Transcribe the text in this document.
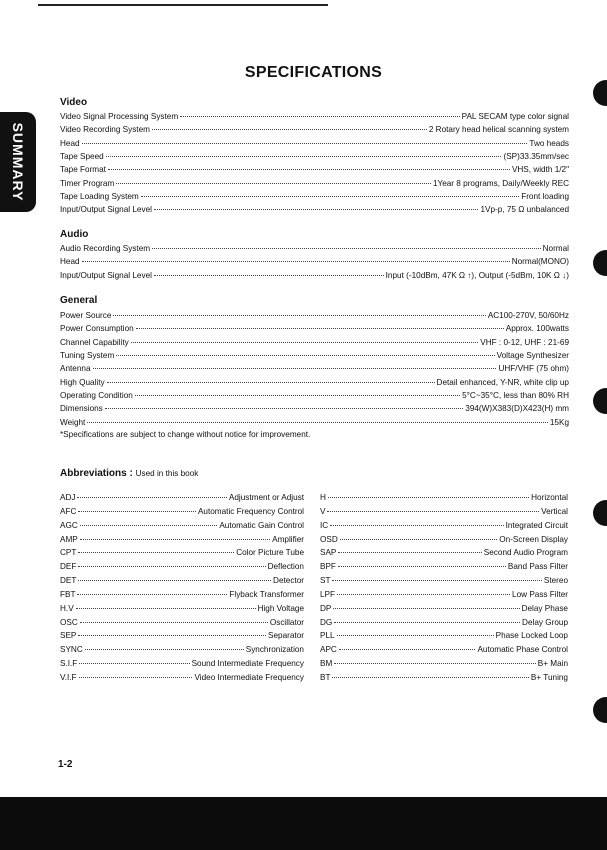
SUMMARY
SPECIFICATIONS
Video
Video Signal Processing System	PAL SECAM type color signal
Video Recording System	2 Rotary head helical scanning system
Head	Two heads
Tape Speed	(SP)33.35mm/sec
Tape Format	VHS, width 1/2"
Timer Program	1Year 8 programs, Daily/Weekly REC
Tape Loading System	Front loading
Input/Output Signal Level	1Vp-p, 75 Ω unbalanced
Audio
Audio Recording System	Normal
Head	Normal(MONO)
Input/Output Signal Level	Input (-10dBm, 47K Ω ↑), Output (-5dBm, 10K Ω ↓)
General
Power Source	AC100-270V, 50/60Hz
Power Consumption	Approx. 100watts
Channel Capability	VHF : 0-12, UHF : 21-69
Tuning System	Voltage Synthesizer
Antenna	UHF/VHF (75 ohm)
High Quality	Detail enhanced, Y-NR, white clip up
Operating Condition	5°C~35°C, less than 80% RH
Dimensions	394(W)X383(D)X423(H) mm
Weight	15Kg
*Specifications are subject to change without notice for improvement.
Abbreviations : Used in this book
ADJ	Adjustment or Adjust
AFC	Automatic Frequency Control
AGC	Automatic Gain Control
AMP	Amplifier
CPT	Color Picture Tube
DEF	Deflection
DET	Detector
FBT	Flyback Transformer
H.V	High Voltage
OSC	Oscillator
SEP	Separator
SYNC	Synchronization
S.I.F	Sound Intermediate Frequency
V.I.F	Video Intermediate Frequency
H	Horizontal
V	Vertical
IC	Integrated Circuit
OSD	On-Screen Display
SAP	Second Audio Program
BPF	Band Pass Filter
ST	Stereo
LPF	Low Pass Filter
DP	Delay Phase
DG	Delay Group
PLL	Phase Locked Loop
APC	Automatic Phase Control
BM	B+ Main
BT	B+ Tuning
1-2
